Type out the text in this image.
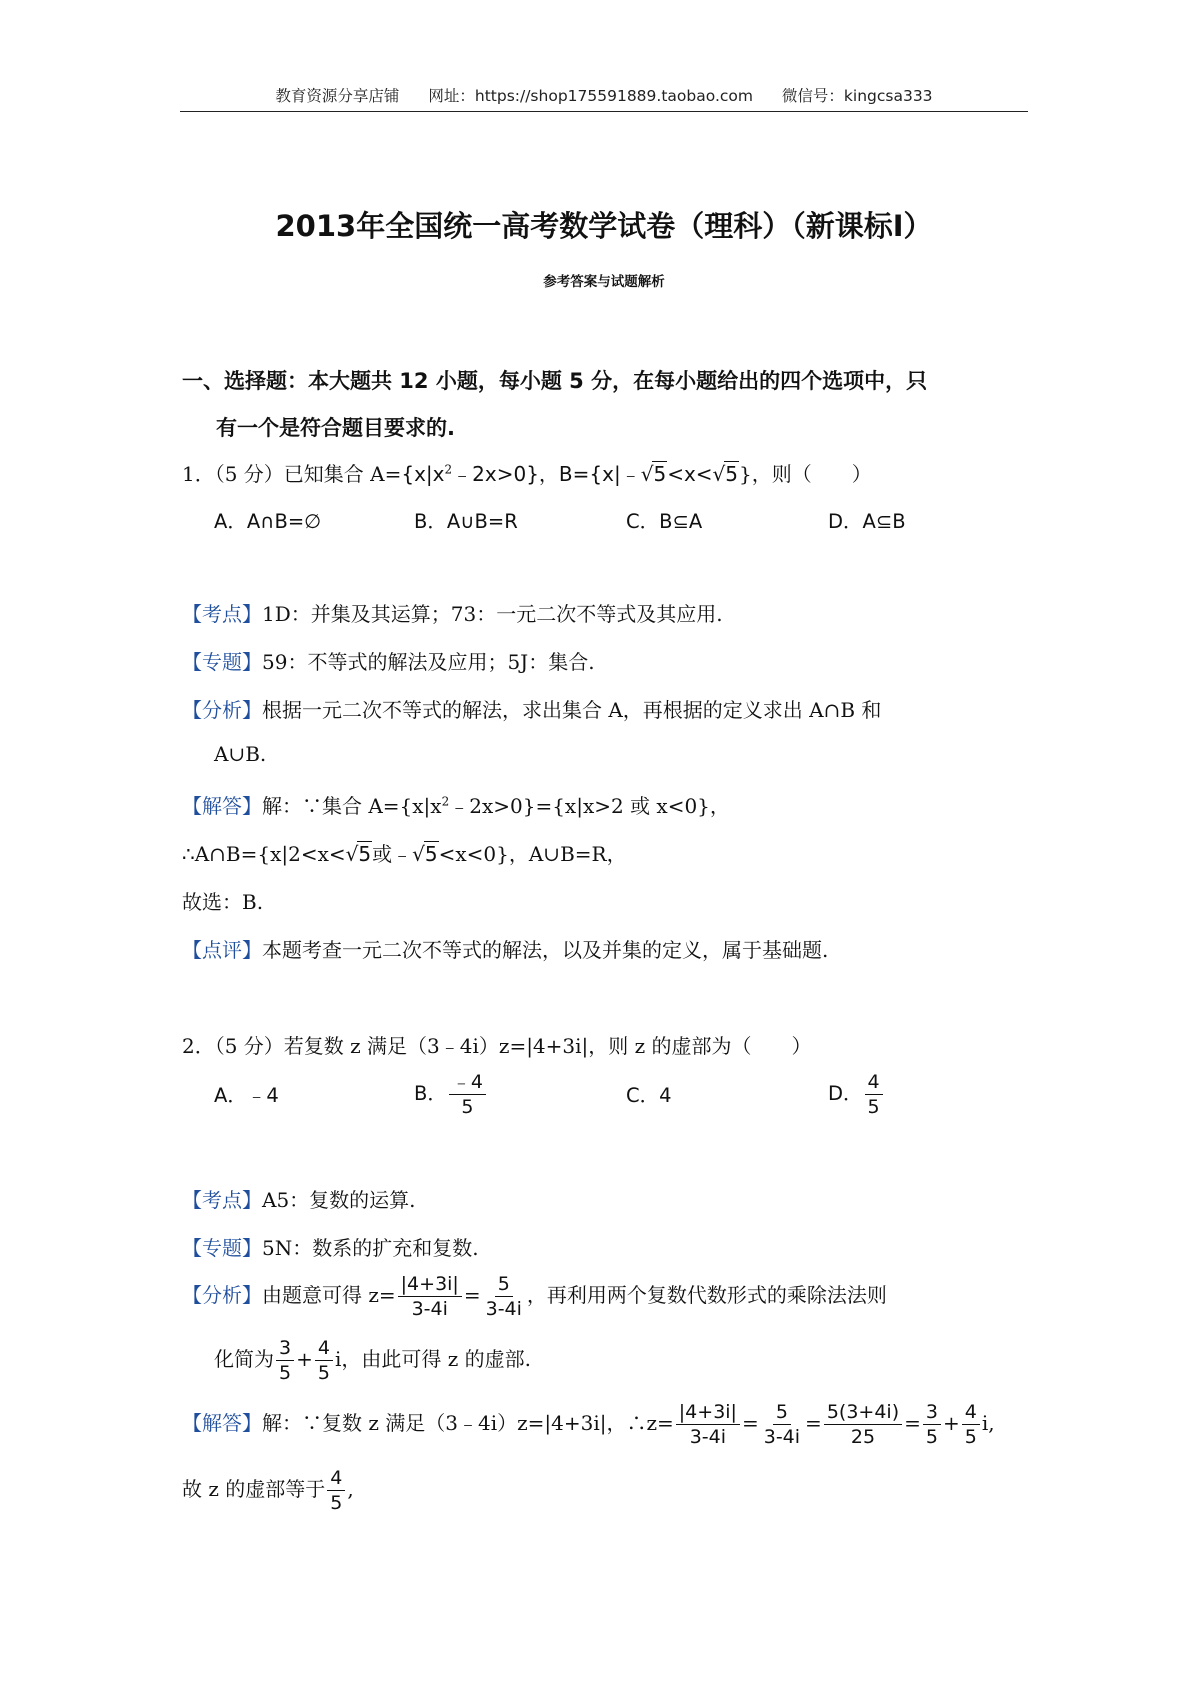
教育资源分享店铺 网址：https://shop175591889.taobao.com 微信号：kingcsa333
2013年全国统一高考数学试卷（理科）（新课标Ⅰ）
参考答案与试题解析
一、选择题：本大题共 12 小题，每小题 5 分，在每小题给出的四个选项中，只
有一个是符合题目要求的.
1．（5 分）已知集合 $A=\{x|x^2﹣2x>0\}$，B={x|﹣√5<x<√5}，则（　　）
A．A∩B=∅	B．A∪B=R	C．B⊆A	D．A⊆B
【考点】1D：并集及其运算；73：一元二次不等式及其应用.
【专题】59：不等式的解法及应用；5J：集合.
【分析】根据一元二次不等式的解法，求出集合 A，再根据的定义求出 A∩B 和
A∪B.
【解答】解：∵集合 $A=\{x|x^2﹣2x>0\}=\{x|x>2$ 或 x<0}，
∴A∩B={x|2<x<√5或﹣√5<x<0}，A∪B=R，
故选：B.
【点评】本题考查一元二次不等式的解法，以及并集的定义，属于基础题.
2．（5 分）若复数 z 满足（3﹣4i）z=|4+3i|，则 z 的虚部为（　　）
A．﹣4	B． $\frac{﹣4}{5}$	C．4	D． $\frac{4}{5}$
【考点】A5：复数的运算.
【专题】5N：数系的扩充和复数.
【分析】由题意可得 $z= \frac{|4+3i|}{3-4i} = \frac{5}{3-4i}$ ，再利用两个复数代数形式的乘除法法则
化简为 $\frac{3}{5} + \frac{4}{5}$ i，由此可得 z 的虚部.
【解答】解：∵复数 z 满足（3﹣4i）z=|4+3i|，∴z= $\frac{|4+3i|}{3-4i} = \frac{5}{3-4i} = \frac{5(3+4i)}{25} = \frac{3}{5} + \frac{4}{5} i$,
故 z 的虚部等于 $\frac{4}{5}$ ,
